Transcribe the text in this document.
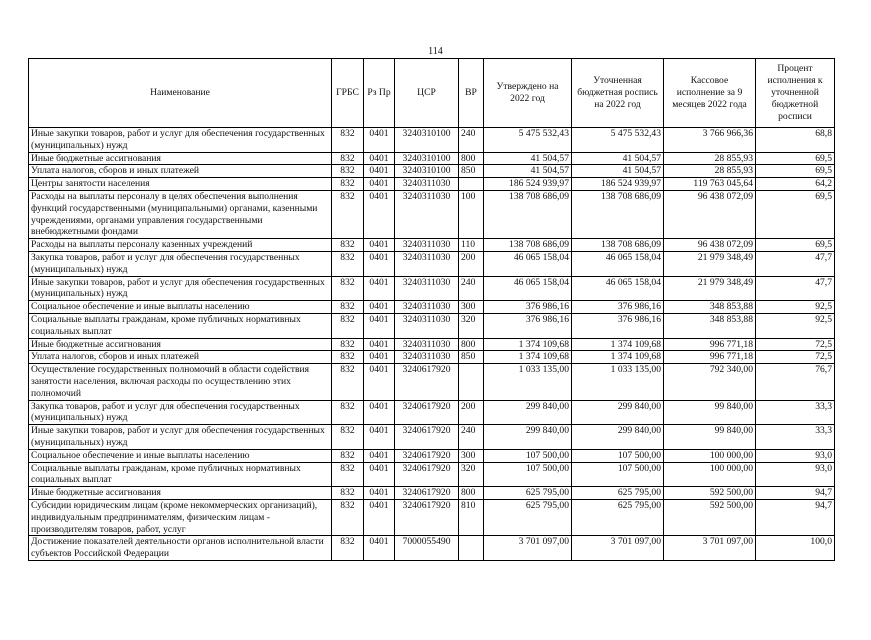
114
Наименование	ГРБС	Рз Пр	ЦСР	ВР	Утверждено на 2022 год	Уточненная бюджетная роспись на 2022 год	Кассовое исполнение за 9 месяцев 2022 года	Процент исполнения к уточненной бюджетной росписи
Иные закупки товаров, работ и услуг для обеспечения государственных (муниципальных) нужд	832	0401	3240310100	240	5 475 532,43	5 475 532,43	3 766 966,36	68,8
Иные бюджетные ассигнования	832	0401	3240310100	800	41 504,57	41 504,57	28 855,93	69,5
Уплата налогов, сборов и иных платежей	832	0401	3240310100	850	41 504,57	41 504,57	28 855,93	69,5
Центры занятости населения	832	0401	3240311030		186 524 939,97	186 524 939,97	119 763 045,64	64,2
Расходы на выплаты персоналу в целях обеспечения выполнения функций государственными (муниципальными) органами, казенными учреждениями, органами управления государственными внебюджетными фондами	832	0401	3240311030	100	138 708 686,09	138 708 686,09	96 438 072,09	69,5
Расходы на выплаты персоналу казенных учреждений	832	0401	3240311030	110	138 708 686,09	138 708 686,09	96 438 072,09	69,5
Закупка товаров, работ и услуг для обеспечения государственных (муниципальных) нужд	832	0401	3240311030	200	46 065 158,04	46 065 158,04	21 979 348,49	47,7
Иные закупки товаров, работ и услуг для обеспечения государственных (муниципальных) нужд	832	0401	3240311030	240	46 065 158,04	46 065 158,04	21 979 348,49	47,7
Социальное обеспечение и иные выплаты населению	832	0401	3240311030	300	376 986,16	376 986,16	348 853,88	92,5
Социальные выплаты гражданам, кроме публичных нормативных социальных выплат	832	0401	3240311030	320	376 986,16	376 986,16	348 853,88	92,5
Иные бюджетные ассигнования	832	0401	3240311030	800	1 374 109,68	1 374 109,68	996 771,18	72,5
Уплата налогов, сборов и иных платежей	832	0401	3240311030	850	1 374 109,68	1 374 109,68	996 771,18	72,5
Осуществление государственных полномочий в области содействия занятости населения, включая расходы по осуществлению этих полномочий	832	0401	3240617920		1 033 135,00	1 033 135,00	792 340,00	76,7
Закупка товаров, работ и услуг для обеспечения государственных (муниципальных) нужд	832	0401	3240617920	200	299 840,00	299 840,00	99 840,00	33,3
Иные закупки товаров, работ и услуг для обеспечения государственных (муниципальных) нужд	832	0401	3240617920	240	299 840,00	299 840,00	99 840,00	33,3
Социальное обеспечение и иные выплаты населению	832	0401	3240617920	300	107 500,00	107 500,00	100 000,00	93,0
Социальные выплаты гражданам, кроме публичных нормативных социальных выплат	832	0401	3240617920	320	107 500,00	107 500,00	100 000,00	93,0
Иные бюджетные ассигнования	832	0401	3240617920	800	625 795,00	625 795,00	592 500,00	94,7
Субсидии юридическим лицам (кроме некоммерческих организаций), индивидуальным предпринимателям, физическим лицам - производителям товаров, работ, услуг	832	0401	3240617920	810	625 795,00	625 795,00	592 500,00	94,7
Достижение показателей деятельности органов исполнительной власти субъектов Российской Федерации	832	0401	7000055490		3 701 097,00	3 701 097,00	3 701 097,00	100,0
